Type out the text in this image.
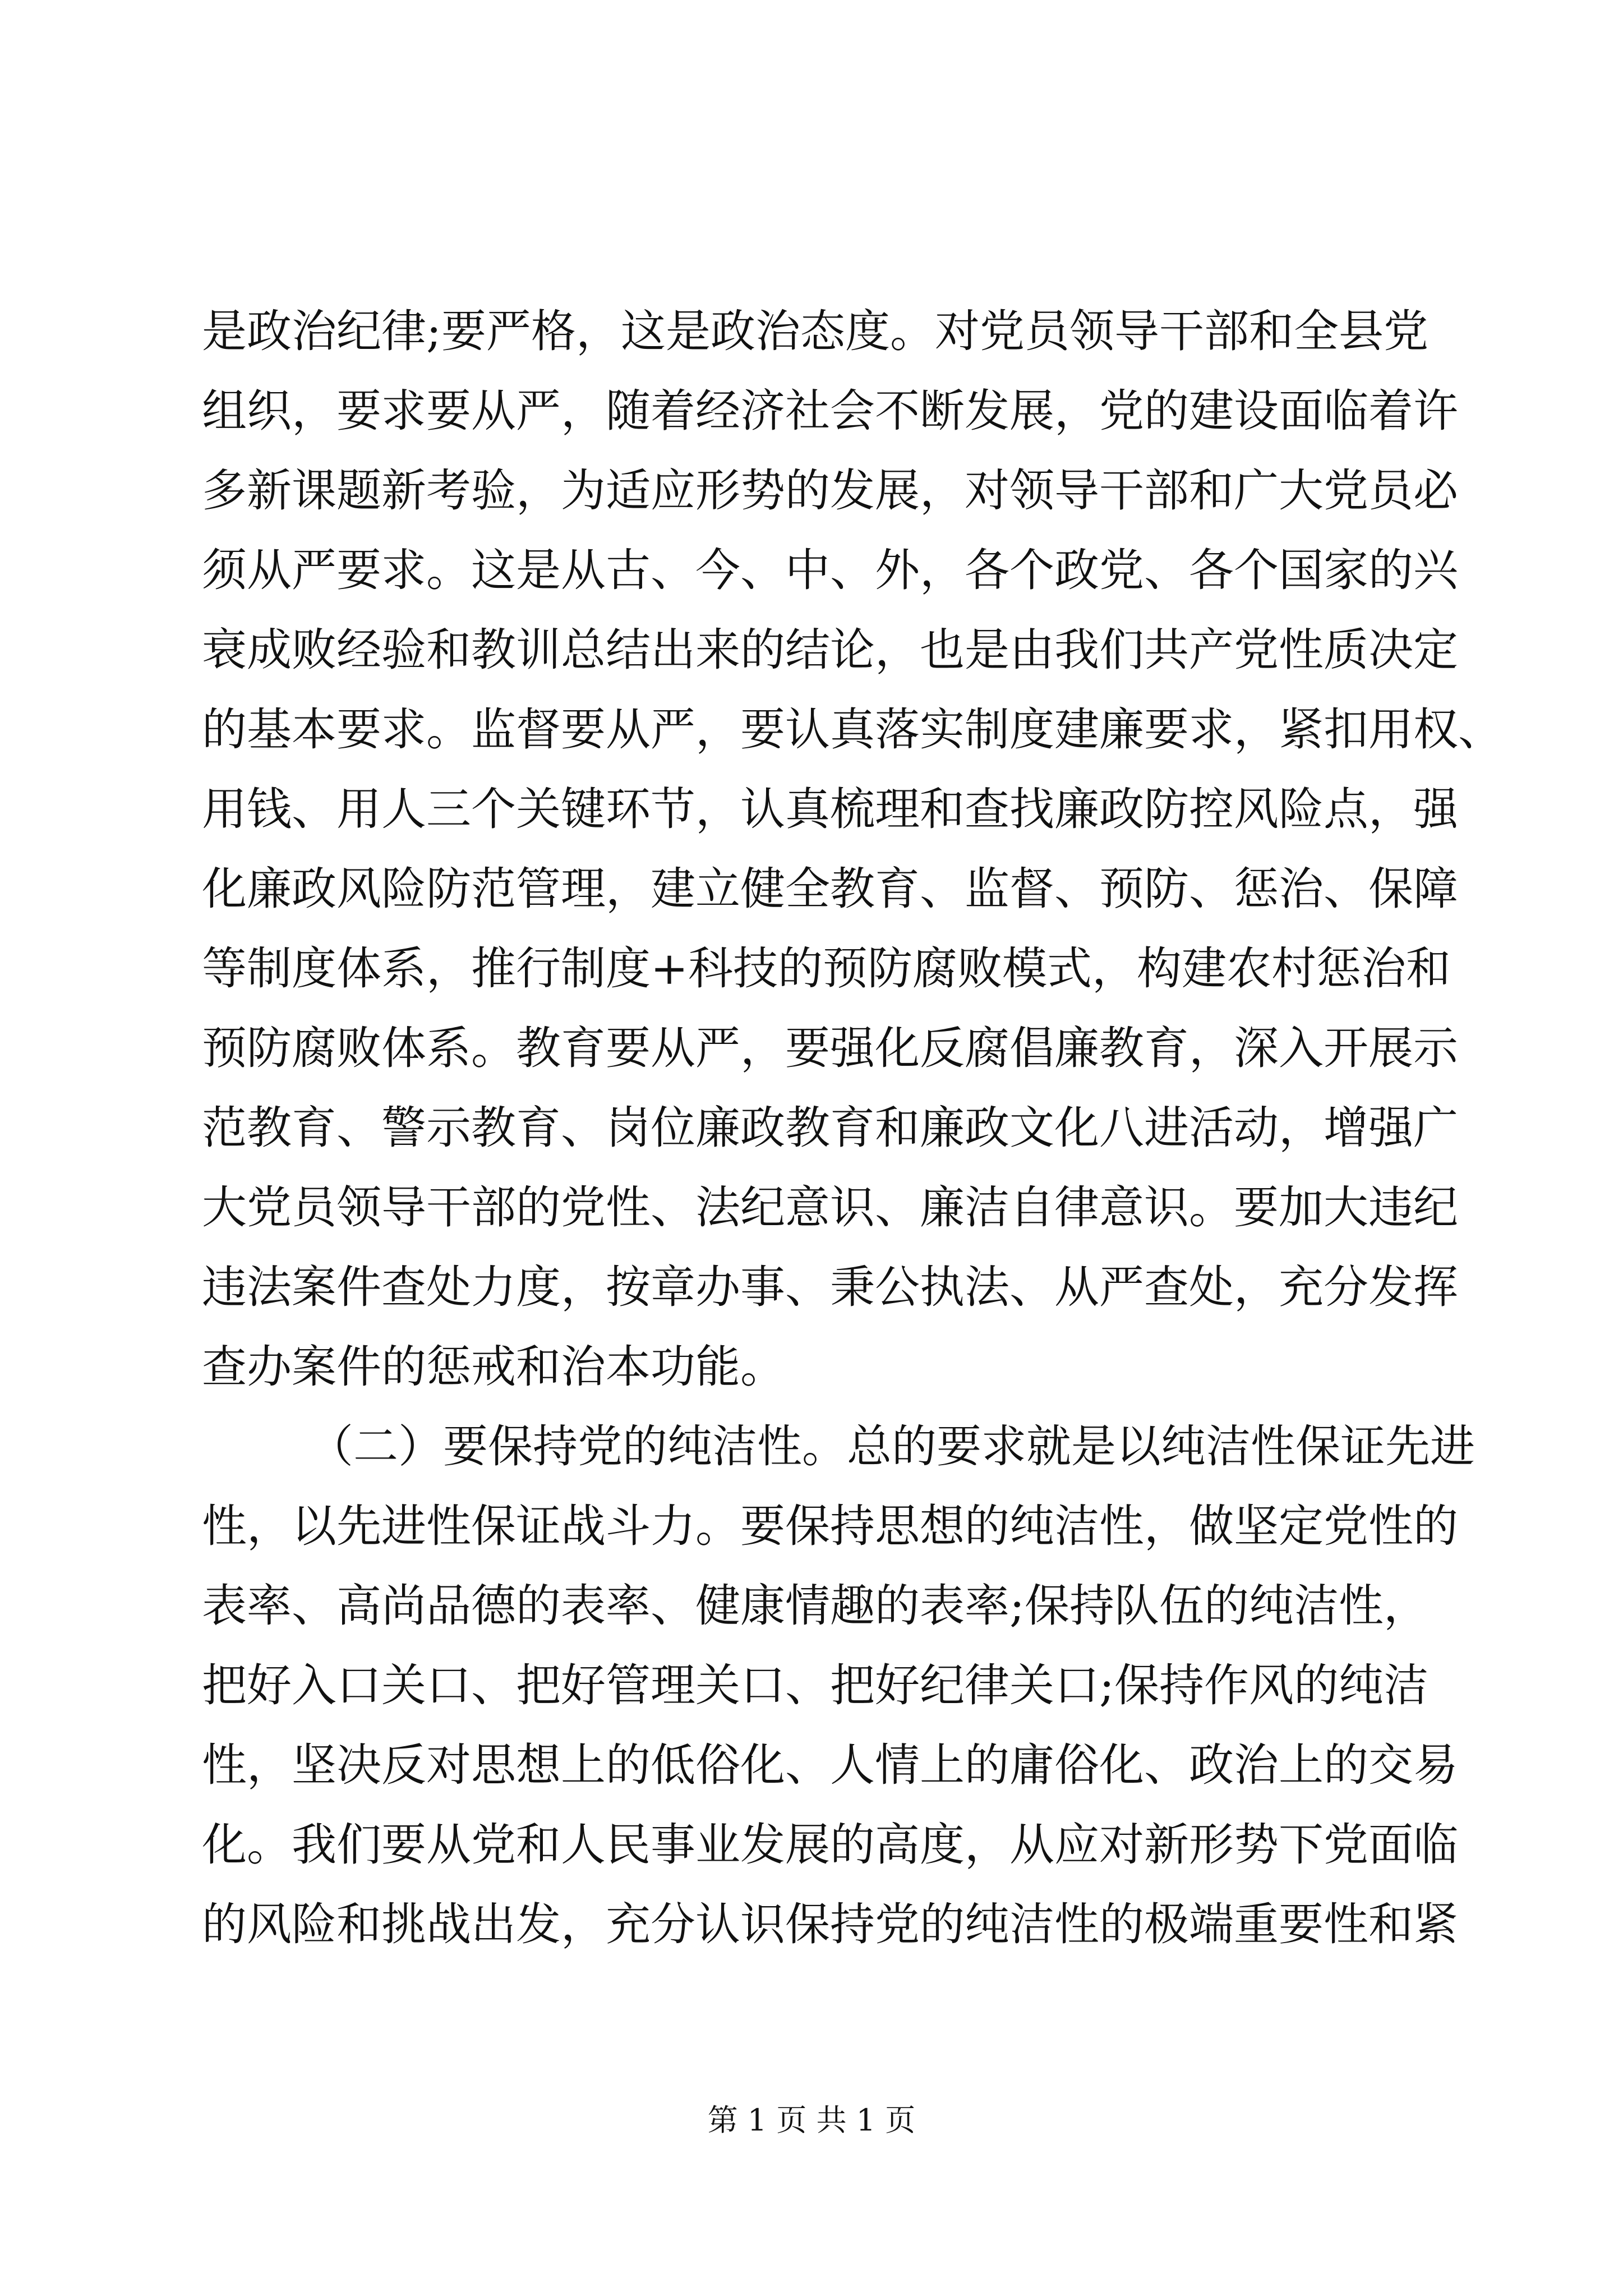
是政治纪律;要严格，这是政治态度。对党员领导干部和全县党
组织，要求要从严，随着经济社会不断发展，党的建设面临着许
多新课题新考验，为适应形势的发展，对领导干部和广大党员必
须从严要求。这是从古、今、中、外，各个政党、各个国家的兴
衰成败经验和教训总结出来的结论，也是由我们共产党性质决定
的基本要求。监督要从严，要认真落实制度建廉要求，紧扣用权、
用钱、用人三个关键环节，认真梳理和查找廉政防控风险点，强
化廉政风险防范管理，建立健全教育、监督、预防、惩治、保障
等制度体系，推行制度+科技的预防腐败模式，构建农村惩治和
预防腐败体系。教育要从严，要强化反腐倡廉教育，深入开展示
范教育、警示教育、岗位廉政教育和廉政文化八进活动，增强广
大党员领导干部的党性、法纪意识、廉洁自律意识。要加大违纪
违法案件查处力度，按章办事、秉公执法、从严查处，充分发挥
查办案件的惩戒和治本功能。
（二）要保持党的纯洁性。总的要求就是以纯洁性保证先进
性，以先进性保证战斗力。要保持思想的纯洁性，做坚定党性的
表率、高尚品德的表率、健康情趣的表率;保持队伍的纯洁性，
把好入口关口、把好管理关口、把好纪律关口;保持作风的纯洁
性，坚决反对思想上的低俗化、人情上的庸俗化、政治上的交易
化。我们要从党和人民事业发展的高度，从应对新形势下党面临
的风险和挑战出发，充分认识保持党的纯洁性的极端重要性和紧
第 1 页 共 1 页
